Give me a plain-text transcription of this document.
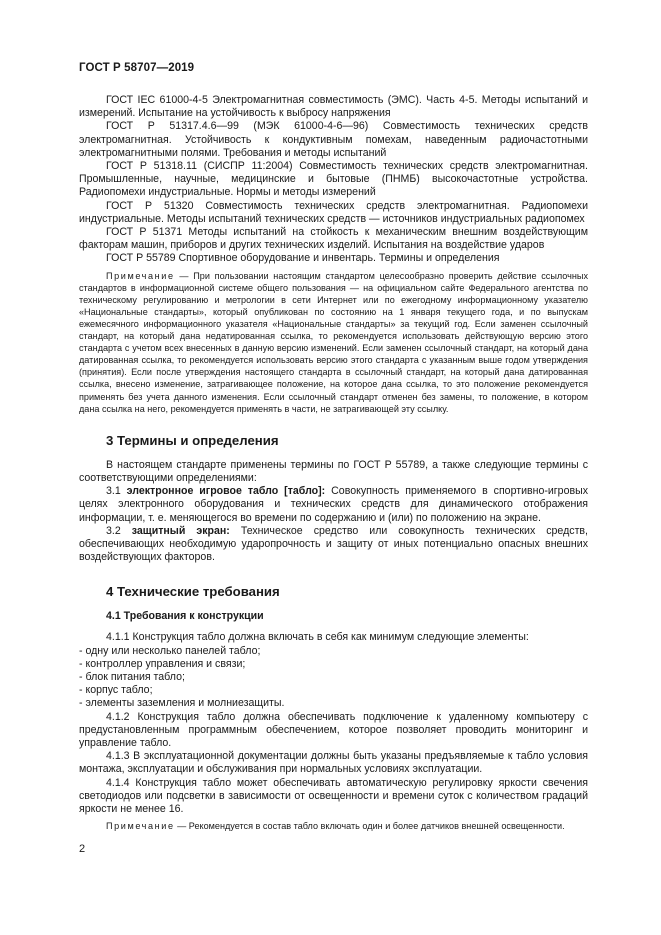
ГОСТ Р 58707—2019

ГОСТ IEC 61000-4-5 Электромагнитная совместимость (ЭМС). Часть 4-5. Методы испытаний и измерений. Испытание на устойчивость к выбросу напряжения

ГОСТ Р 51317.4.6—99 (МЭК 61000-4-6—96) Совместимость технических средств электромагнитная. Устойчивость к кондуктивным помехам, наведенным радиочастотными электромагнитными полями. Требования и методы испытаний

ГОСТ Р 51318.11 (СИСПР 11:2004) Совместимость технических средств электромагнитная. Промышленные, научные, медицинские и бытовые (ПНМБ) высокочастотные устройства. Радиопомехи индустриальные. Нормы и методы измерений

ГОСТ Р 51320 Совместимость технических средств электромагнитная. Радиопомехи индустриальные. Методы испытаний технических средств — источников индустриальных радиопомех

ГОСТ Р 51371 Методы испытаний на стойкость к механическим внешним воздействующим факторам машин, приборов и других технических изделий. Испытания на воздействие ударов

ГОСТ Р 55789 Спортивное оборудование и инвентарь. Термины и определения

Примечание — При пользовании настоящим стандартом целесообразно проверить действие ссылочных стандартов в информационной системе общего пользования — на официальном сайте Федерального агентства по техническому регулированию и метрологии в сети Интернет или по ежегодному информационному указателю «Национальные стандарты», который опубликован по состоянию на 1 января текущего года, и по выпускам ежемесячного информационного указателя «Национальные стандарты» за текущий год. Если заменен ссылочный стандарт, на который дана недатированная ссылка, то рекомендуется использовать действующую версию этого стандарта с учетом всех внесенных в данную версию изменений. Если заменен ссылочный стандарт, на который дана датированная ссылка, то рекомендуется использовать версию этого стандарта с указанным выше годом утверждения (принятия). Если после утверждения настоящего стандарта в ссылочный стандарт, на который дана датированная ссылка, внесено изменение, затрагивающее положение, на которое дана ссылка, то это положение рекомендуется применять без учета данного изменения. Если ссылочный стандарт отменен без замены, то положение, в котором дана ссылка на него, рекомендуется применять в части, не затрагивающей эту ссылку.

3 Термины и определения

В настоящем стандарте применены термины по ГОСТ Р 55789, а также следующие термины с соответствующими определениями:

3.1 электронное игровое табло [табло]: Совокупность применяемого в спортивно-игровых целях электронного оборудования и технических средств для динамического отображения информации, т. е. меняющегося во времени по содержанию и (или) по положению на экране.

3.2 защитный экран: Техническое средство или совокупность технических средств, обеспечивающих необходимую ударопрочность и защиту от иных потенциально опасных внешних воздействующих факторов.

4 Технические требования
4.1 Требования к конструкции

4.1.1 Конструкция табло должна включать в себя как минимум следующие элементы:

- одну или несколько панелей табло;

- контроллер управления и связи;

- блок питания табло;

- корпус табло;

- элементы заземления и молниезащиты.

4.1.2 Конструкция табло должна обеспечивать подключение к удаленному компьютеру с предустановленным программным обеспечением, которое позволяет проводить мониторинг и управление табло.

4.1.3 В эксплуатационной документации должны быть указаны предъявляемые к табло условия монтажа, эксплуатации и обслуживания при нормальных условиях эксплуатации.

4.1.4 Конструкция табло может обеспечивать автоматическую регулировку яркости свечения светодиодов или подсветки в зависимости от освещенности и времени суток с количеством градаций яркости не менее 16.

Примечание — Рекомендуется в состав табло включать один и более датчиков внешней освещенности.

2
